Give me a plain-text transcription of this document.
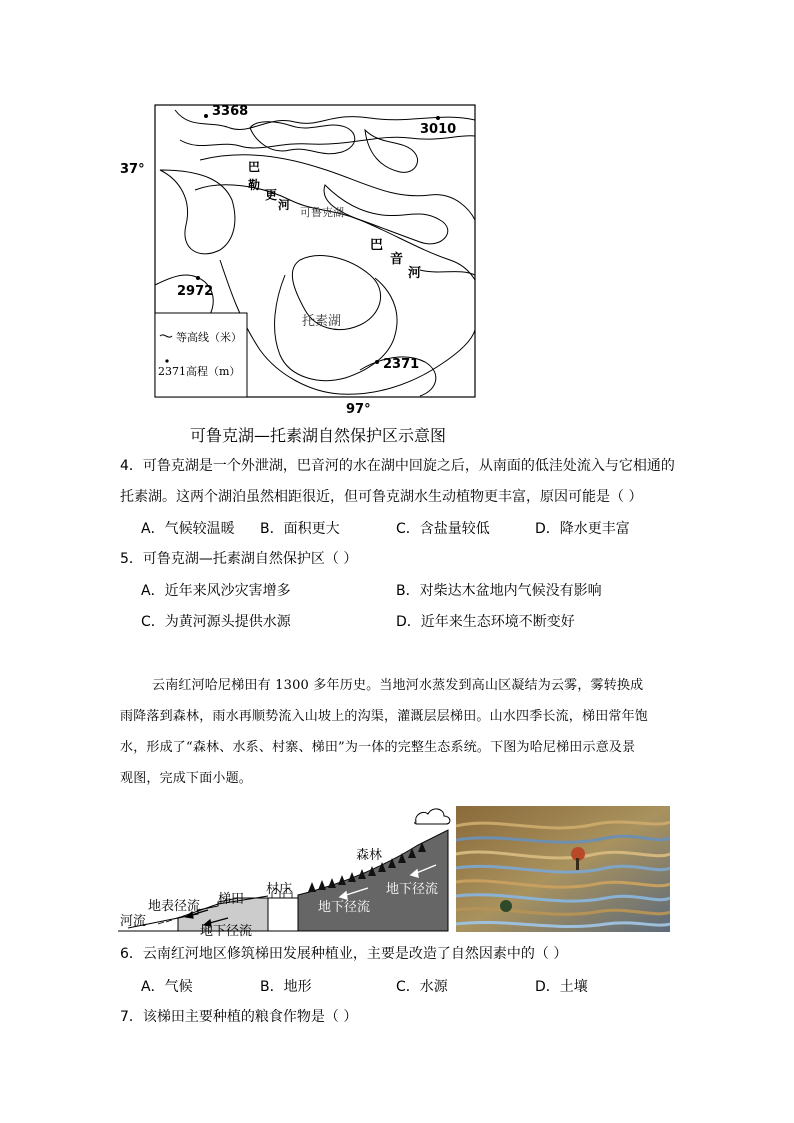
3368
3010
2972
2371
37°
97°
巴
勒
更
河
可鲁克湖
巴
音
河
托素湖
等高线（米）
2371高程（m）
可鲁克湖—托素湖自然保护区示意图
4．可鲁克湖是一个外泄湖，巴音河的水在湖中回旋之后，从南面的低洼处流入与它相通的
托素湖。这两个湖泊虽然相距很近，但可鲁克湖水生动植物更丰富，原因可能是（ ）
A．气候较温暖 B．面积更大	C．含盐量较低	D．降水更丰富
5．可鲁克湖—托素湖自然保护区（ ）
A．近年来风沙灾害增多	B．对柴达木盆地内气候没有影响
C．为黄河源头提供水源	D．近年来生态环境不断变好
云南红河哈尼梯田有 1300 多年历史。当地河水蒸发到高山区凝结为云雾，雾转换成
雨降落到森林，雨水再顺势流入山坡上的沟渠，灌溉层层梯田。山水四季长流，梯田常年饱
水，形成了“森林、水系、村寨、梯田”为一体的完整生态系统。下图为哈尼梯田示意及景
观图，完成下面小题。
森林
梯田
村庄
地表径流
河流
地下径流
地下径流
地下径流
6．云南红河地区修筑梯田发展种植业，主要是改造了自然因素中的（ ）
A．气候	B．地形	C．水源	D．土壤
7．该梯田主要种植的粮食作物是（ ）
